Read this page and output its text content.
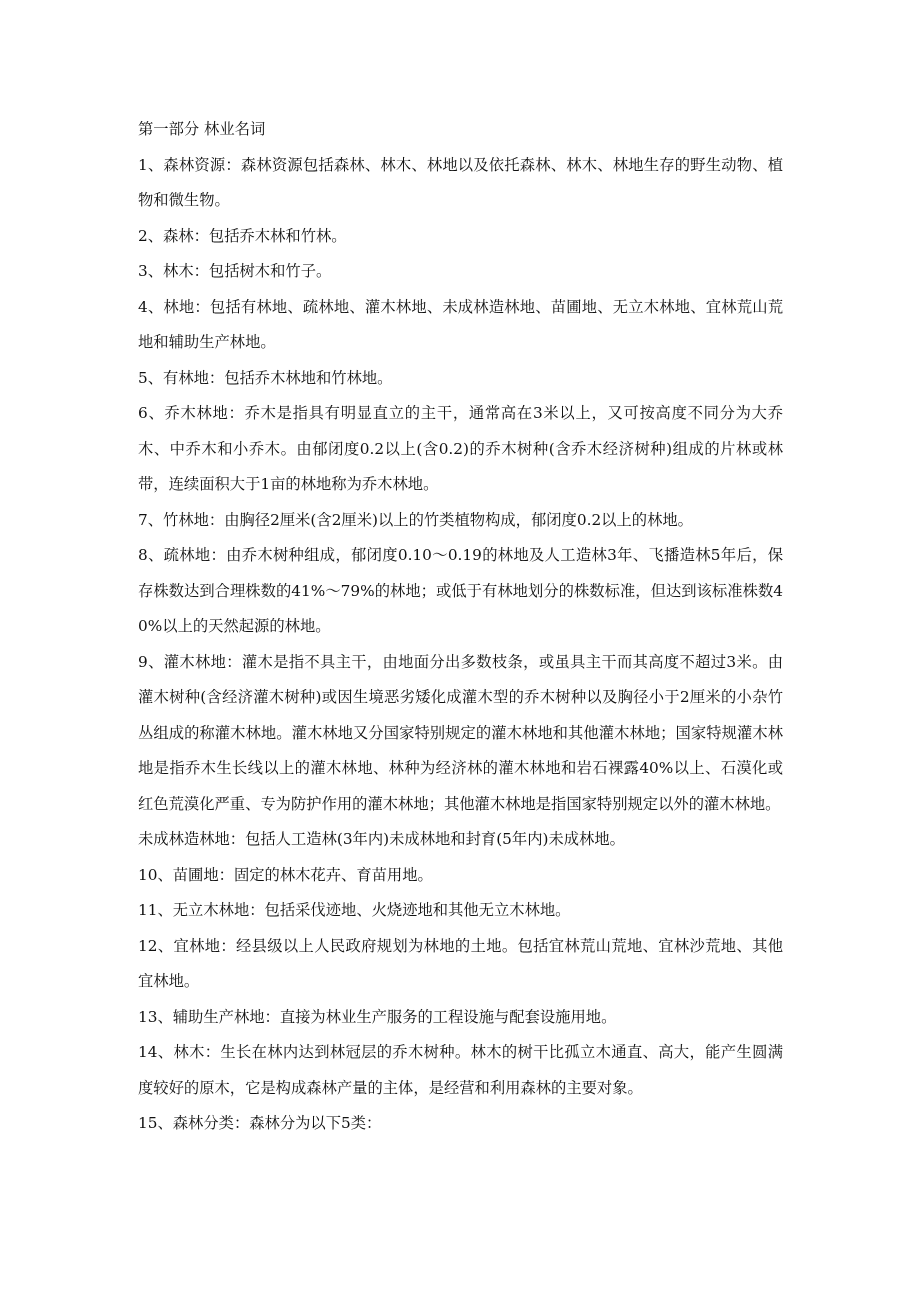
第一部分 林业名词

1、森林资源：森林资源包括森林、林木、林地以及依托森林、林木、林地生存的野生动物、植物和微生物。

2、森林：包括乔木林和竹林。

3、林木：包括树木和竹子。

4、林地：包括有林地、疏林地、灌木林地、未成林造林地、苗圃地、无立木林地、宜林荒山荒地和辅助生产林地。

5、有林地：包括乔木林地和竹林地。

6、乔木林地：乔木是指具有明显直立的主干，通常高在3米以上，又可按高度不同分为大乔木、中乔木和小乔木。由郁闭度0.2以上(含0.2)的乔木树种(含乔木经济树种)组成的片林或林带，连续面积大于1亩的林地称为乔木林地。

7、竹林地：由胸径2厘米(含2厘米)以上的竹类植物构成，郁闭度0.2以上的林地。

8、疏林地：由乔木树种组成，郁闭度0.10～0.19的林地及人工造林3年、飞播造林5年后，保存株数达到合理株数的41%～79%的林地；或低于有林地划分的株数标准，但达到该标准株数40%以上的天然起源的林地。

9、灌木林地：灌木是指不具主干，由地面分出多数枝条，或虽具主干而其高度不超过3米。由灌木树种(含经济灌木树种)或因生境恶劣矮化成灌木型的乔木树种以及胸径小于2厘米的小杂竹丛组成的称灌木林地。灌木林地又分国家特别规定的灌木林地和其他灌木林地；国家特规灌木林地是指乔木生长线以上的灌木林地、林种为经济林的灌木林地和岩石裸露40%以上、石漠化或红色荒漠化严重、专为防护作用的灌木林地；其他灌木林地是指国家特别规定以外的灌木林地。

未成林造林地：包括人工造林(3年内)未成林地和封育(5年内)未成林地。

10、苗圃地：固定的林木花卉、育苗用地。

11、无立木林地：包括采伐迹地、火烧迹地和其他无立木林地。

12、宜林地：经县级以上人民政府规划为林地的土地。包括宜林荒山荒地、宜林沙荒地、其他宜林地。

13、辅助生产林地：直接为林业生产服务的工程设施与配套设施用地。

14、林木：生长在林内达到林冠层的乔木树种。林木的树干比孤立木通直、高大，能产生圆满度较好的原木，它是构成森林产量的主体，是经营和利用森林的主要对象。

15、森林分类：森林分为以下5类：
